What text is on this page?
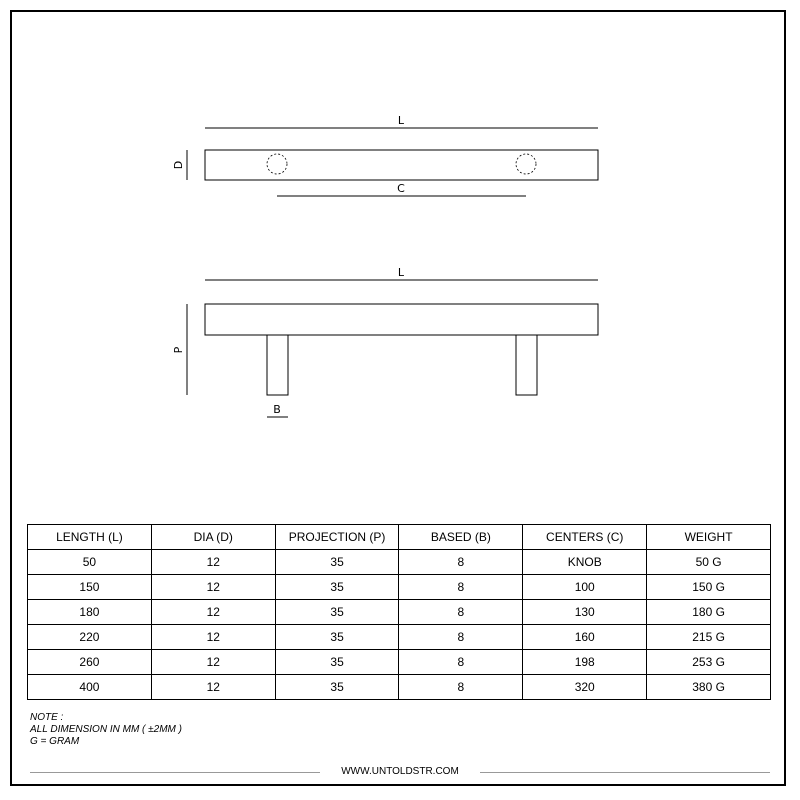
L
D
C
L
P
B
LENGTH (L)	DIA (D)	PROJECTION (P)	BASED (B)	CENTERS (C)	WEIGHT
50	12	35	8	KNOB	50 G
150	12	35	8	100	150 G
180	12	35	8	130	180 G
220	12	35	8	160	215 G
260	12	35	8	198	253 G
400	12	35	8	320	380 G
NOTE :
ALL DIMENSION IN MM ( ±2MM )
G = GRAM
WWW.UNTOLDSTR.COM
